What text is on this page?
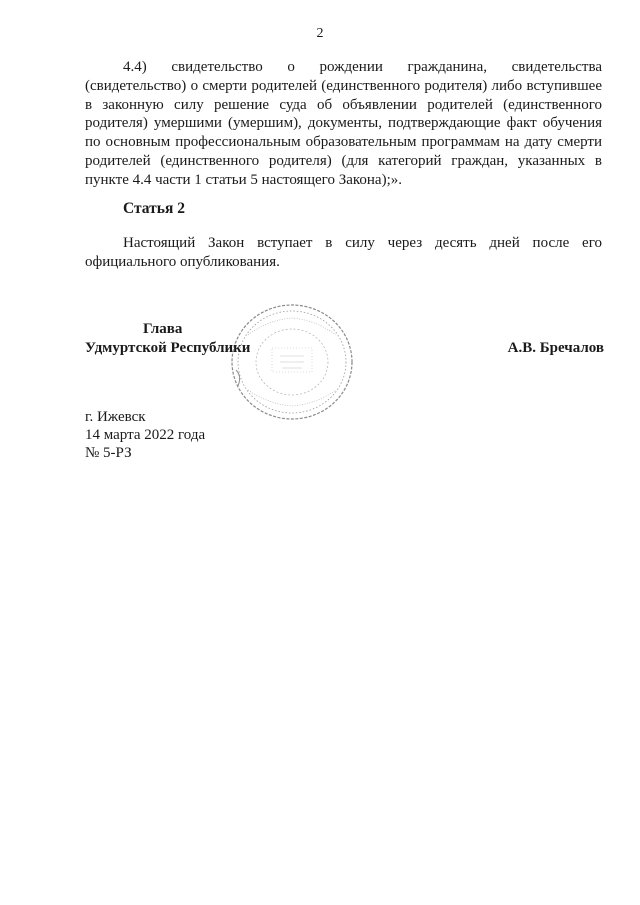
2

4.4) свидетельство о рождении гражданина, свидетельства (свидетельство) о смерти родителей (единственного родителя) либо вступившее в законную силу решение суда об объявлении родителей (единственного родителя) умершими (умершим), документы, подтверждающие факт обучения по основным профессиональным образовательным программам на дату смерти родителей (единственного родителя) (для категорий граждан, указанных в пункте 4.4 части 1 статьи 5 настоящего Закона);».

Статья 2

Настоящий Закон вступает в силу через десять дней после его официального опубликования.

Глава
Удмуртской Республики	А.В. Бречалов
г. Ижевск
14 марта 2022 года
№ 5-РЗ
